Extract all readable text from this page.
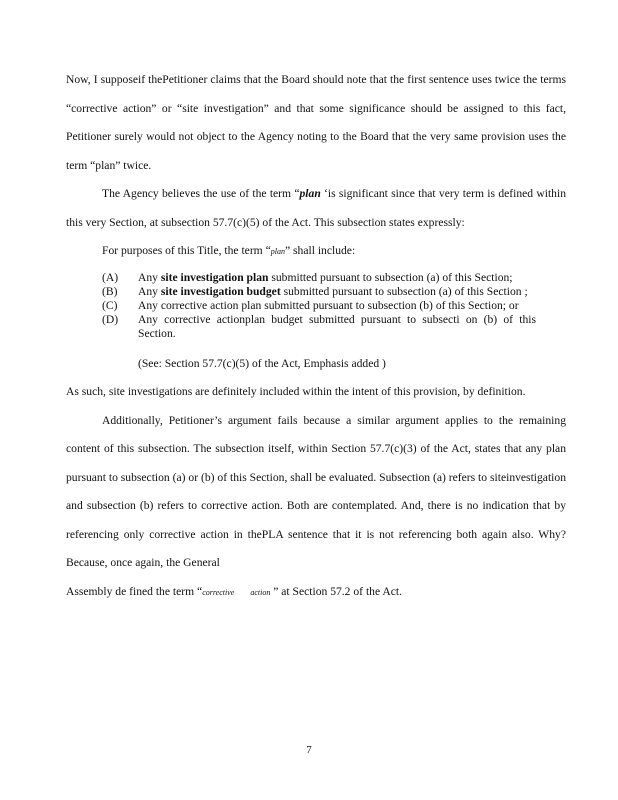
Now, I supposeif thePetitioner claims that the Board should note that the first sentence uses twice the terms “corrective action” or “site investigation” and that some significance should be assigned to this fact, Petitioner surely would not object to the Agency noting to the Board that the very same provision uses the term “plan” twice.

The Agency believes the use of the term “plan ‘is significant since that very term is defined within this very Section, at subsection 57.7(c)(5) of the Act. This subsection states expressly:

For purposes of this Title, the term “plan” shall include:

(A)	Any site investigation plan submitted pursuant to subsection (a) of this Section;
(B)	Any site investigation budget submitted pursuant to subsection (a) of this Section ;
(C)	Any corrective action plan submitted pursuant to subsection (b) of this Section; or
(D)	Any corrective actionplan budget submitted pursuant to subsecti on (b) of this Section.

(See: Section 57.7(c)(5) of the Act, Emphasis added )

As such, site investigations are definitely included within the intent of this provision, by definition.

Additionally, Petitioner’s argument fails because a similar argument applies to the remaining content of this subsection. The subsection itself, within Section 57.7(c)(3) of the Act, states that any plan pursuant to subsection (a) or (b) of this Section, shall be evaluated. Subsection (a) refers to siteinvestigation and subsection (b) refers to corrective action. Both are contemplated. And, there is no indication that by referencing only corrective action in thePLA sentence that it is not referencing both again also. Why? Because, once again, the General

Assembly de fined the term “corrective action ” at Section 57.2 of the Act.

7
